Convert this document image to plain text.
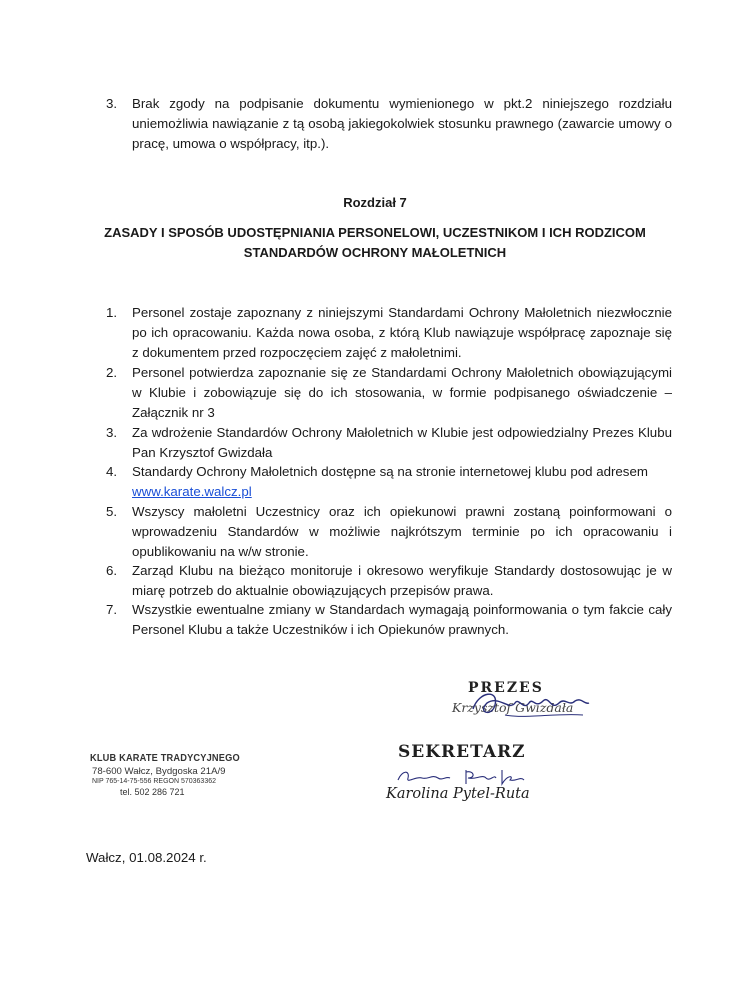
3.	Brak zgody na podpisanie dokumentu wymienionego w pkt.2 niniejszego rozdziału uniemożliwia nawiązanie z tą osobą jakiegokolwiek stosunku prawnego (zawarcie umowy o pracę, umowa o współpracy, itp.).
Rozdział 7
ZASADY I SPOSÓB UDOSTĘPNIANIA PERSONELOWI, UCZESTNIKOM I ICH RODZICOM
STANDARDÓW OCHRONY MAŁOLETNICH
1.	Personel zostaje zapoznany z niniejszymi Standardami Ochrony Małoletnich niezwłocznie po ich opracowaniu. Każda nowa osoba, z którą Klub nawiązuje współpracę zapoznaje się z dokumentem przed rozpoczęciem zajęć z małoletnimi.
2.	Personel potwierdza zapoznanie się ze Standardami Ochrony Małoletnich obowiązującymi w Klubie i zobowiązuje się do ich stosowania, w formie podpisanego oświadczenie – Załącznik nr 3
3.	Za wdrożenie Standardów Ochrony Małoletnich w Klubie jest odpowiedzialny Prezes Klubu Pan Krzysztof Gwizdała
4.	Standardy Ochrony Małoletnich dostępne są na stronie internetowej klubu pod adresem
www.karate.walcz.pl
5.	Wszyscy małoletni Uczestnicy oraz ich opiekunowi prawni zostaną poinformowani o wprowadzeniu Standardów w możliwie najkrótszym terminie po ich opracowaniu i opublikowaniu na w/w stronie.
6.	Zarząd Klubu na bieżąco monitoruje i okresowo weryfikuje Standardy dostosowując je w miarę potrzeb do aktualnie obowiązujących przepisów prawa.
7.	Wszystkie ewentualne zmiany w Standardach wymagają poinformowania o tym fakcie cały Personel Klubu a także Uczestników i ich Opiekunów prawnych.
PREZES
Krzysztof Gwizdała
SEKRETARZ
Karolina Pytel-Ruta
KLUB KARATE TRADYCYJNEGO
78-600 Wałcz, Bydgoska 21A/9
NIP 765-14-75-556 REGON 570363362
tel. 502 286 721
Wałcz, 01.08.2024 r.
